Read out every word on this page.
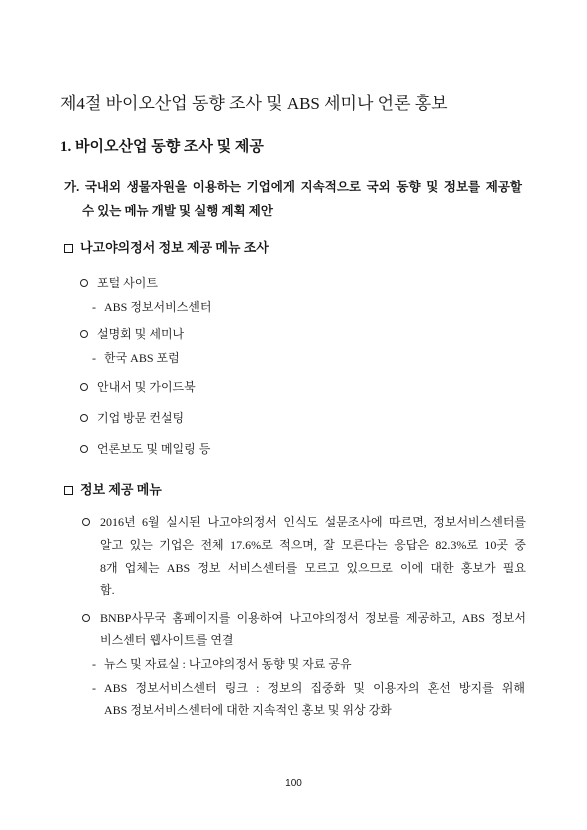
제4절 바이오산업 동향 조사 및 ABS 세미나 언론 홍보
1. 바이오산업 동향 조사 및 제공
가. 국내외 생물자원을 이용하는 기업에게 지속적으로 국외 동향 및 정보를 제공할
수 있는 메뉴 개발 및 실행 계획 제안
나고야의정서 정보 제공 메뉴 조사
포털 사이트
- ABS 정보서비스센터
설명회 및 세미나
- 한국 ABS 포럼
안내서 및 가이드북
기업 방문 컨설팅
언론보도 및 메일링 등
정보 제공 메뉴
2016년 6월 실시된 나고야의정서 인식도 설문조사에 따르면, 정보서비스센터를
알고 있는 기업은 전체 17.6%로 적으며, 잘 모른다는 응답은 82.3%로 10곳 중
8개 업체는 ABS 정보 서비스센터를 모르고 있으므로 이에 대한 홍보가 필요
함.
BNBP사무국 홈페이지를 이용하여 나고야의정서 정보를 제공하고, ABS 정보서
비스센터 웹사이트를 연결
- 뉴스 및 자료실 : 나고야의정서 동향 및 자료 공유
- ABS 정보서비스센터 링크 : 정보의 집중화 및 이용자의 혼선 방지를 위해
ABS 정보서비스센터에 대한 지속적인 홍보 및 위상 강화
100
